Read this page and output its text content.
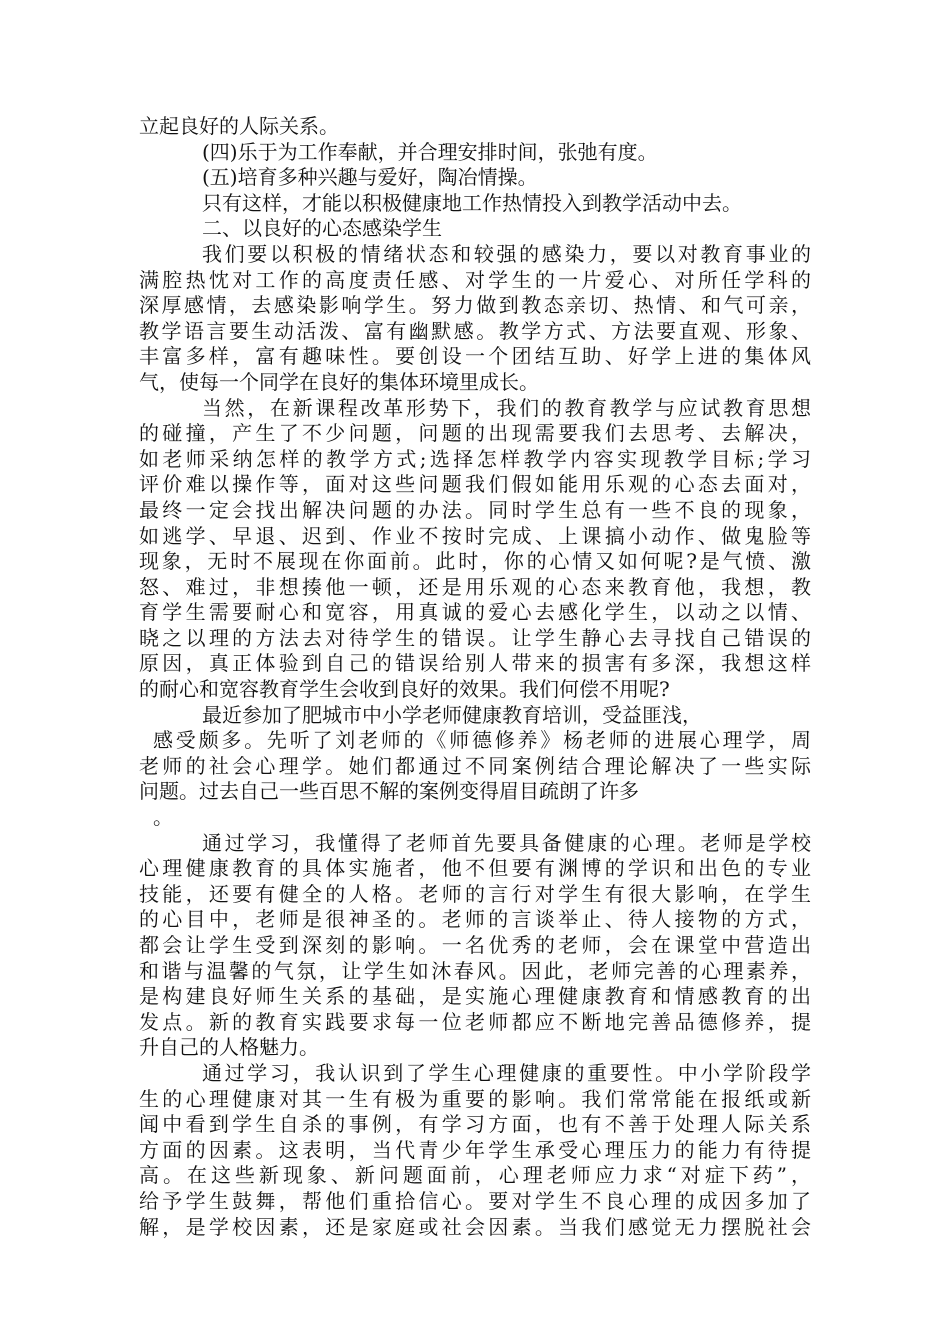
立起良好的人际关系。
(四)乐于为工作奉献，并合理安排时间，张弛有度。
(五)培育多种兴趣与爱好，陶冶情操。
只有这样，才能以积极健康地工作热情投入到教学活动中去。
二、以良好的心态感染学生
我们要以积极的情绪状态和较强的感染力，要以对教育事业的
满腔热忱对工作的高度责任感、对学生的一片爱心、对所任学科的
深厚感情，去感染影响学生。努力做到教态亲切、热情、和气可亲，
教学语言要生动活泼、富有幽默感。教学方式、方法要直观、形象、
丰富多样，富有趣味性。要创设一个团结互助、好学上进的集体风
气，使每一个同学在良好的集体环境里成长。
当然，在新课程改革形势下，我们的教育教学与应试教育思想
的碰撞，产生了不少问题，问题的出现需要我们去思考、去解决，
如老师采纳怎样的教学方式;选择怎样教学内容实现教学目标;学习
评价难以操作等，面对这些问题我们假如能用乐观的心态去面对，
最终一定会找出解决问题的办法。同时学生总有一些不良的现象，
如逃学、早退、迟到、作业不按时完成、上课搞小动作、做鬼脸等
现象，无时不展现在你面前。此时，你的心情又如何呢?是气愤、激
怒、难过，非想揍他一顿，还是用乐观的心态来教育他，我想，教
育学生需要耐心和宽容，用真诚的爱心去感化学生，以动之以情、
晓之以理的方法去对待学生的错误。让学生静心去寻找自己错误的
原因，真正体验到自己的错误给别人带来的损害有多深，我想这样
的耐心和宽容教育学生会收到良好的效果。我们何偿不用呢?
最近参加了肥城市中小学老师健康教育培训，受益匪浅，
感受颇多。先听了刘老师的《师德修养》杨老师的进展心理学，周
老师的社会心理学。她们都通过不同案例结合理论解决了一些实际
问题。过去自己一些百思不解的案例变得眉目疏朗了许多
。
通过学习，我懂得了老师首先要具备健康的心理。老师是学校
心理健康教育的具体实施者，他不但要有渊博的学识和出色的专业
技能，还要有健全的人格。老师的言行对学生有很大影响，在学生
的心目中，老师是很神圣的。老师的言谈举止、待人接物的方式，
都会让学生受到深刻的影响。一名优秀的老师，会在课堂中营造出
和谐与温馨的气氛，让学生如沐春风。因此，老师完善的心理素养，
是构建良好师生关系的基础，是实施心理健康教育和情感教育的出
发点。新的教育实践要求每一位老师都应不断地完善品德修养，提
升自己的人格魅力。
通过学习，我认识到了学生心理健康的重要性。中小学阶段学
生的心理健康对其一生有极为重要的影响。我们常常能在报纸或新
闻中看到学生自杀的事例，有学习方面，也有不善于处理人际关系
方面的因素。这表明，当代青少年学生承受心理压力的能力有待提
高。在这些新现象、新问题面前，心理老师应力求“对症下药”，
给予学生鼓舞，帮他们重拾信心。要对学生不良心理的成因多加了
解，是学校因素，还是家庭或社会因素。当我们感觉无力摆脱社会
